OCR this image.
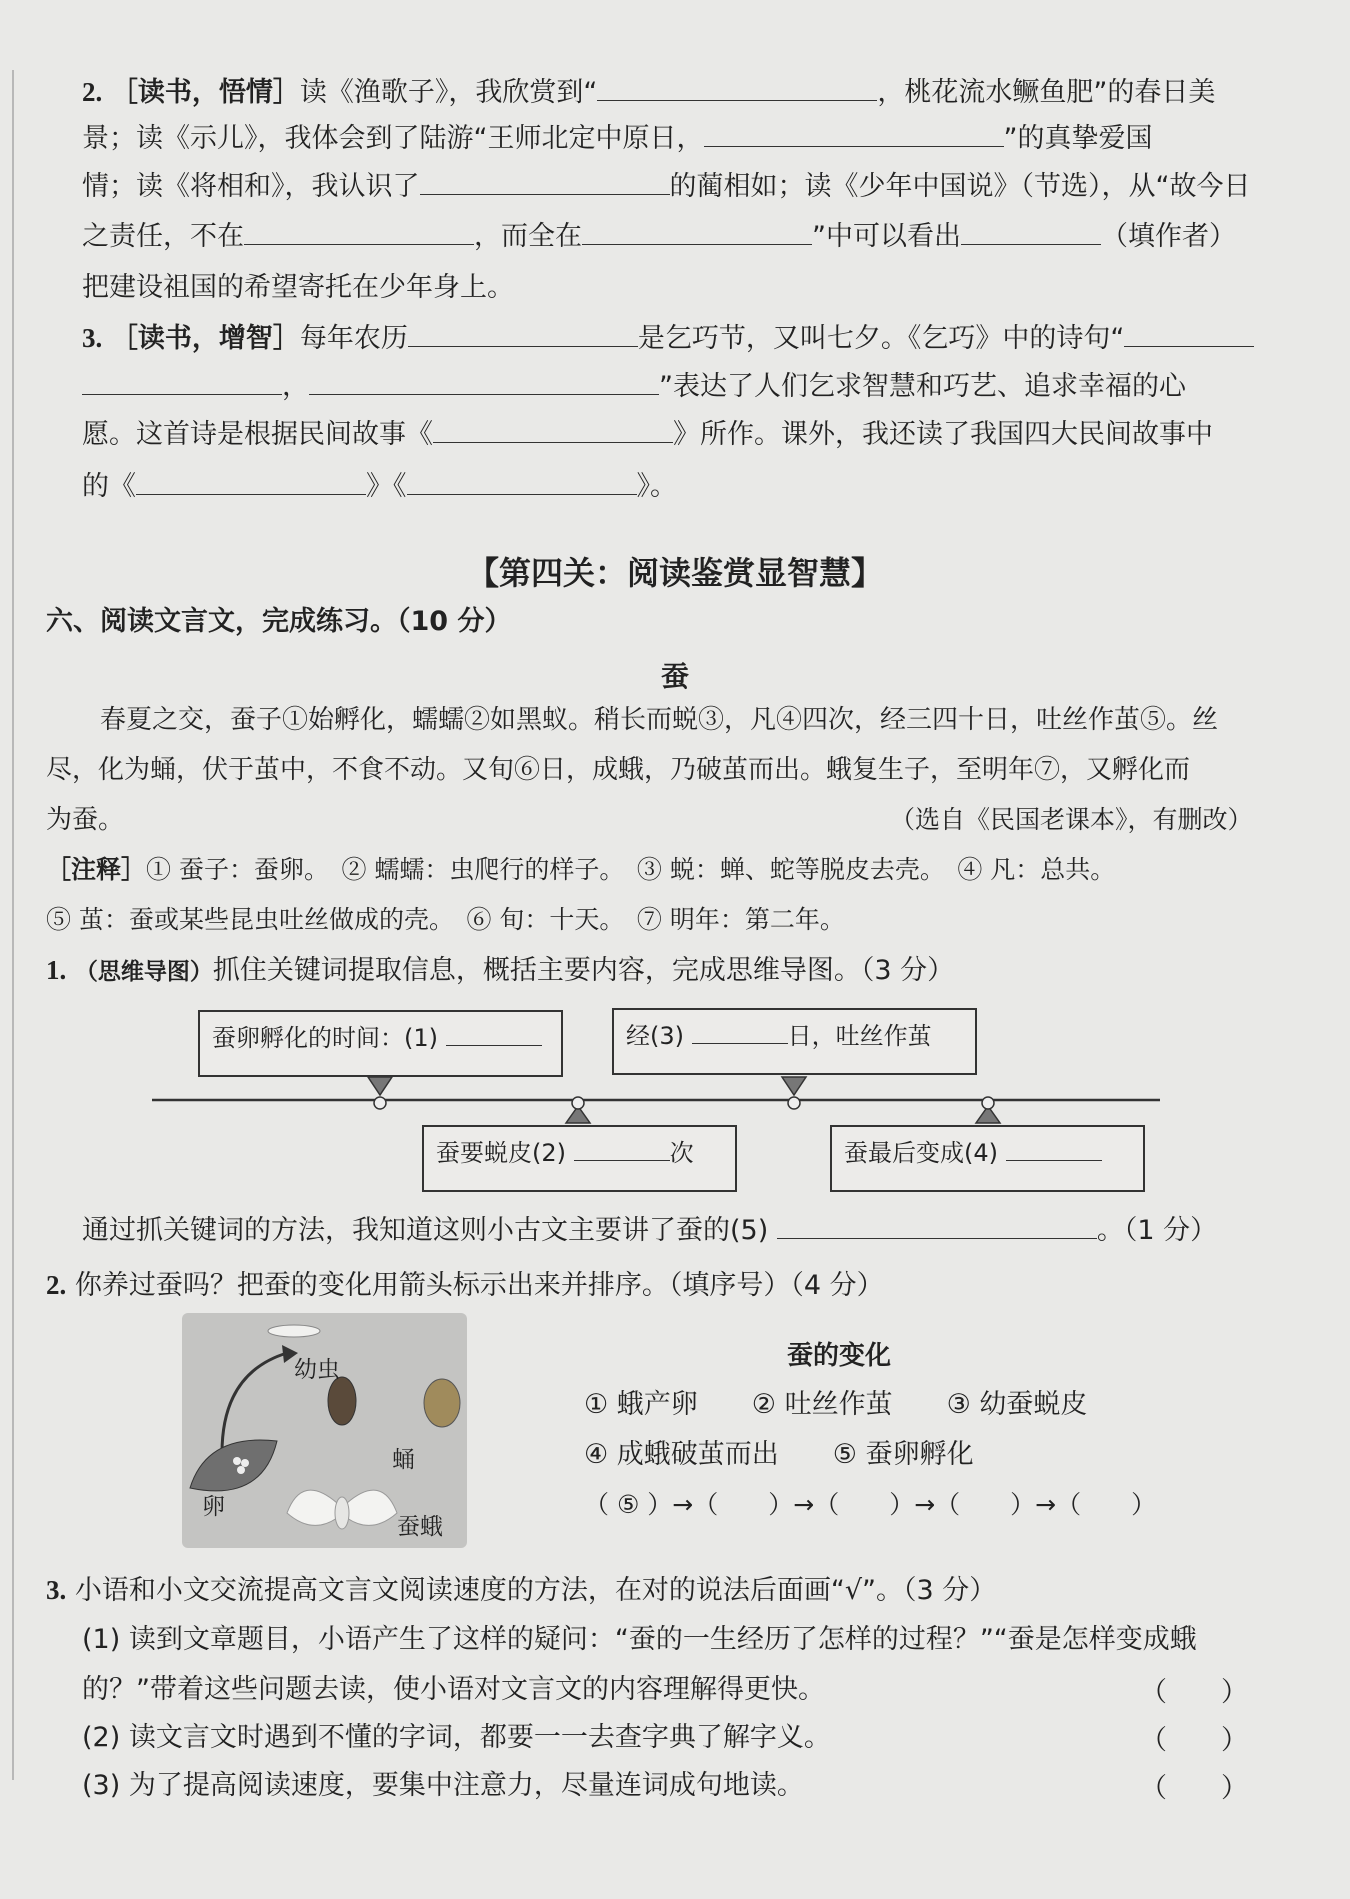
2. ［读书，悟情］读《渔歌子》，我欣赏到“	，桃花流水鳜鱼肥”的春日美
景；读《示儿》，我体会到了陆游“王师北定中原日，	”的真挚爱国
情；读《将相和》，我认识了	的蔺相如；读《少年中国说》（节选），从“故今日
之责任，不在	，而全在	”中可以看出	（填作者）
把建设祖国的希望寄托在少年身上。
3. ［读书，增智］每年农历	是乞巧节，又叫七夕。《乞巧》中的诗句“
，	”表达了人们乞求智慧和巧艺、追求幸福的心
愿。这首诗是根据民间故事《	》所作。课外，我还读了我国四大民间故事中
的《	》《	》。
【第四关：阅读鉴赏显智慧】
六、阅读文言文，完成练习。（10 分）
蚕
春夏之交，蚕子①始孵化，蠕蠕②如黑蚁。稍长而蜕③，凡④四次，经三四十日，吐丝作茧⑤。丝
尽，化为蛹，伏于茧中，不食不动。又旬⑥日，成蛾，乃破茧而出。蛾复生子，至明年⑦，又孵化而
为蚕。	（选自《民国老课本》，有删改）
［注释］① 蚕子：蚕卵。　② 蠕蠕：虫爬行的样子。　③ 蜕：蝉、蛇等脱皮去壳。　④ 凡：总共。
⑤ 茧：蚕或某些昆虫吐丝做成的壳。　⑥ 旬：十天。　⑦ 明年：第二年。
1. （思维导图）抓住关键词提取信息，概括主要内容，完成思维导图。（3 分）
蚕卵孵化的时间：(1)	经(3)	日，吐丝作茧
蚕要蜕皮(2)	次	蚕最后变成(4)
通过抓关键词的方法，我知道这则小古文主要讲了蚕的(5)	。（1 分）
2. 你养过蚕吗？把蚕的变化用箭头标示出来并排序。（填序号）（4 分）
幼虫
蛹
卵
蚕蛾
蚕的变化
① 蛾产卵　　② 吐丝作茧　　③ 幼蚕蜕皮
④ 成蛾破茧而出　　⑤ 蚕卵孵化
（ ⑤ ）→（　　）→（　　）→（　　）→（　　）
3. 小语和小文交流提高文言文阅读速度的方法，在对的说法后面画“√”。（3 分）
(1) 读到文章题目，小语产生了这样的疑问：“蚕的一生经历了怎样的过程？”“蚕是怎样变成蛾
的？”带着这些问题去读，使小语对文言文的内容理解得更快。	（　　）
(2) 读文言文时遇到不懂的字词，都要一一去查字典了解字义。	（　　）
(3) 为了提高阅读速度，要集中注意力，尽量连词成句地读。	（　　）
